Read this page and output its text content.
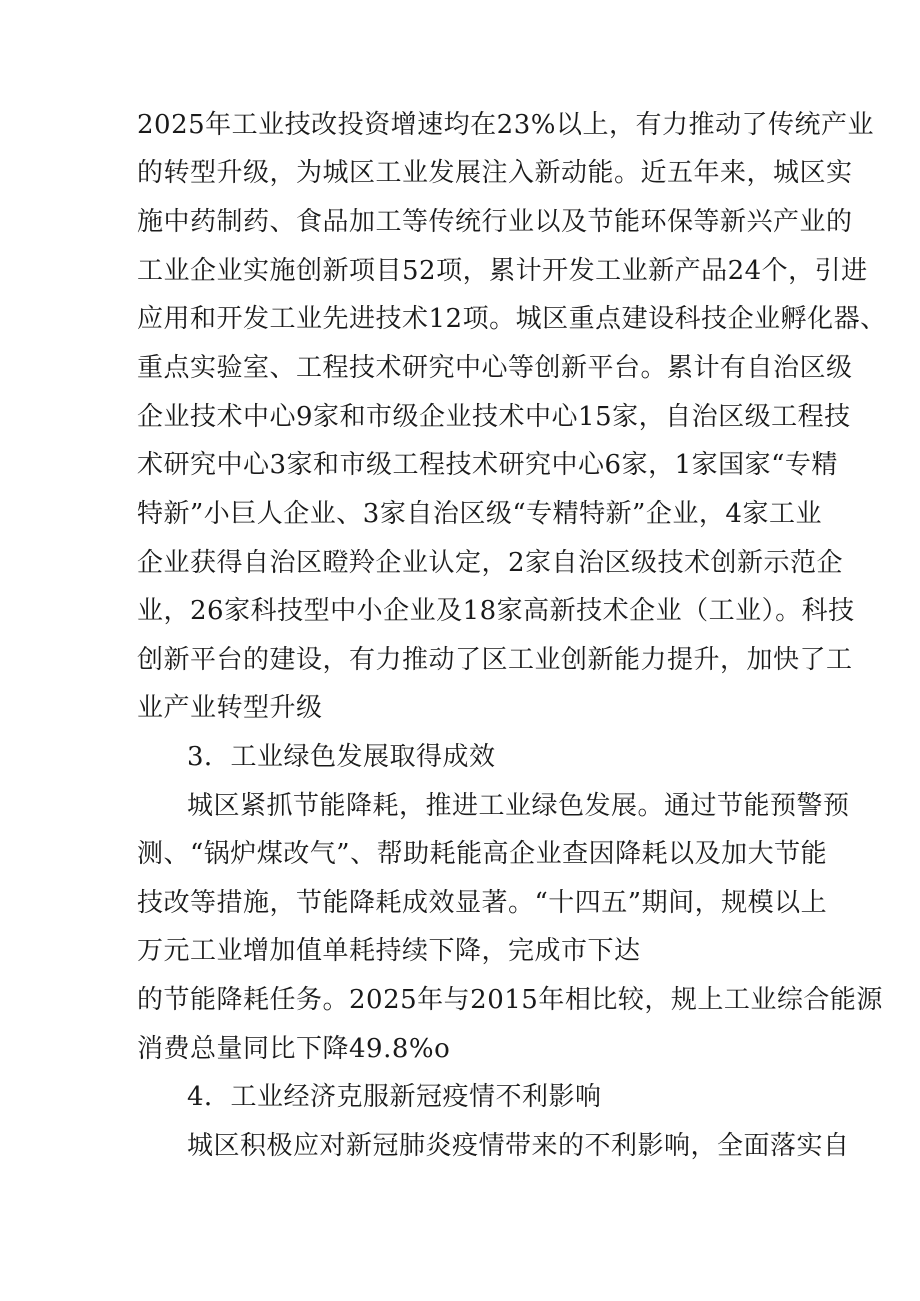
2025年工业技改投资增速均在23%以上，有力推动了传统产业

的转型升级，为城区工业发展注入新动能。近五年来，城区实

施中药制药、食品加工等传统行业以及节能环保等新兴产业的

工业企业实施创新项目52项，累计开发工业新产品24个，引进

应用和开发工业先进技术12项。城区重点建设科技企业孵化器、

重点实验室、工程技术研究中心等创新平台。累计有自治区级

企业技术中心9家和市级企业技术中心15家，自治区级工程技

术研究中心3家和市级工程技术研究中心6家，1家国家“专精

特新”小巨人企业、3家自治区级“专精特新”企业，4家工业

企业获得自治区瞪羚企业认定，2家自治区级技术创新示范企

业，26家科技型中小企业及18家高新技术企业（工业）。科技

创新平台的建设，有力推动了区工业创新能力提升，加快了工

业产业转型升级

3．工业绿色发展取得成效

城区紧抓节能降耗，推进工业绿色发展。通过节能预警预

测、“锅炉煤改气”、帮助耗能高企业查因降耗以及加大节能

技改等措施，节能降耗成效显著。“十四五”期间，规模以上

万元工业增加值单耗持续下降，完成市下达

的节能降耗任务。2025年与2015年相比较，规上工业综合能源

消费总量同比下降49.8%o

4．工业经济克服新冠疫情不利影响

城区积极应对新冠肺炎疫情带来的不利影响，全面落实自
